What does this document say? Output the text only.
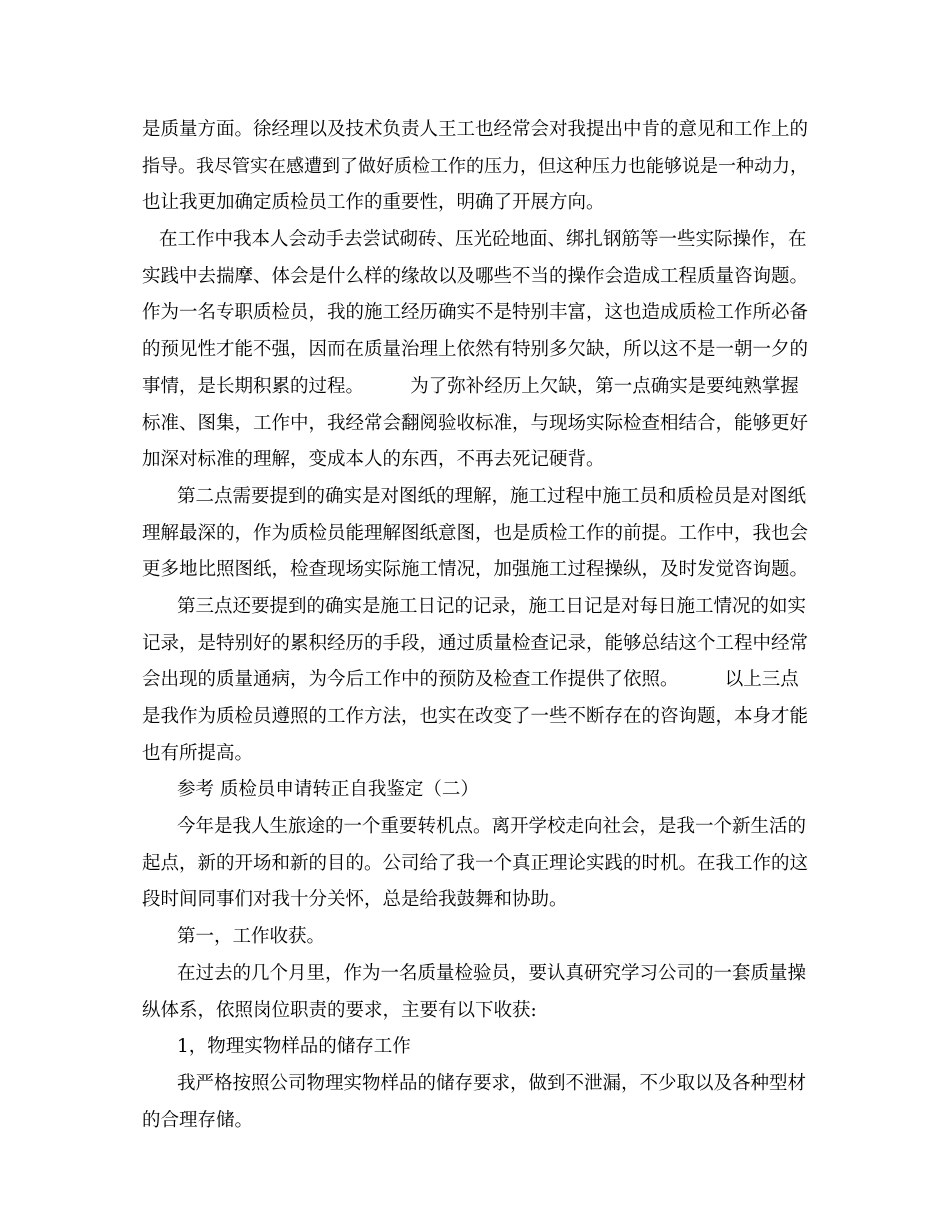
是质量方面。徐经理以及技术负责人王工也经常会对我提出中肯的意见和工作上的
指导。我尽管实在感遭到了做好质检工作的压力，但这种压力也能够说是一种动力，
也让我更加确定质检员工作的重要性，明确了开展方向。
在工作中我本人会动手去尝试砌砖、压光砼地面、绑扎钢筋等一些实际操作，在
实践中去揣摩、体会是什么样的缘故以及哪些不当的操作会造成工程质量咨询题。
作为一名专职质检员，我的施工经历确实不是特别丰富，这也造成质检工作所必备
的预见性才能不强，因而在质量治理上依然有特别多欠缺，所以这不是一朝一夕的
事情，是长期积累的过程。　　　为了弥补经历上欠缺，第一点确实是要纯熟掌握
标准、图集，工作中，我经常会翻阅验收标准，与现场实际检查相结合，能够更好
加深对标准的理解，变成本人的东西，不再去死记硬背。
第二点需要提到的确实是对图纸的理解，施工过程中施工员和质检员是对图纸
理解最深的，作为质检员能理解图纸意图，也是质检工作的前提。工作中，我也会
更多地比照图纸，检查现场实际施工情况，加强施工过程操纵，及时发觉咨询题。
第三点还要提到的确实是施工日记的记录，施工日记是对每日施工情况的如实
记录，是特别好的累积经历的手段，通过质量检查记录，能够总结这个工程中经常
会出现的质量通病，为今后工作中的预防及检查工作提供了依照。　　　以上三点
是我作为质检员遵照的工作方法，也实在改变了一些不断存在的咨询题，本身才能
也有所提高。
参考 质检员申请转正自我鉴定（二）
今年是我人生旅途的一个重要转机点。离开学校走向社会，是我一个新生活的
起点，新的开场和新的目的。公司给了我一个真正理论实践的时机。在我工作的这
段时间同事们对我十分关怀，总是给我鼓舞和协助。
第一，工作收获。
在过去的几个月里，作为一名质量检验员，要认真研究学习公司的一套质量操
纵体系，依照岗位职责的要求，主要有以下收获:
1，物理实物样品的储存工作
我严格按照公司物理实物样品的储存要求，做到不泄漏，不少取以及各种型材
的合理存储。
